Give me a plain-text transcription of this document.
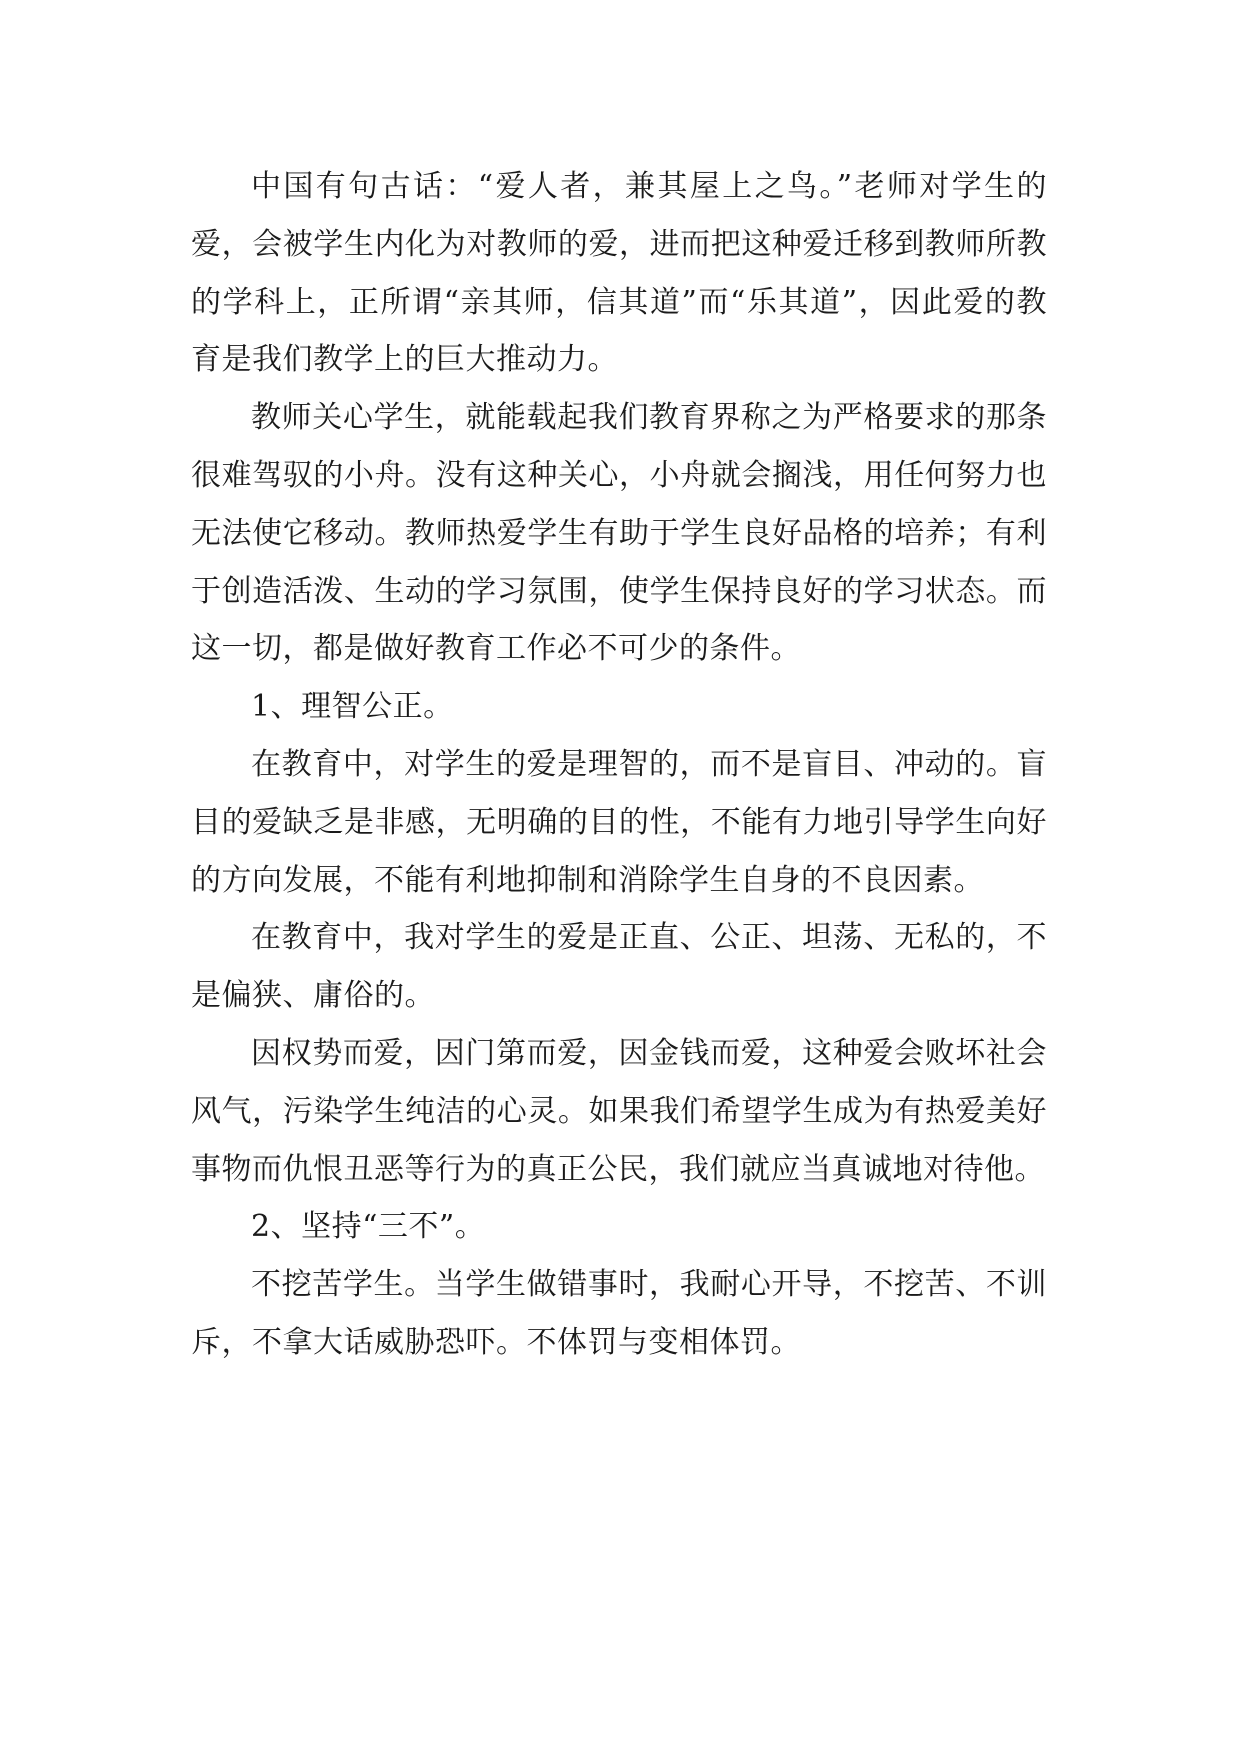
中国有句古话：“爱人者，兼其屋上之鸟。”老师对学生的爱，会被学生内化为对教师的爱，进而把这种爱迁移到教师所教的学科上，正所谓“亲其师，信其道”而“乐其道”，因此爱的教育是我们教学上的巨大推动力。

教师关心学生，就能载起我们教育界称之为严格要求的那条很难驾驭的小舟。没有这种关心，小舟就会搁浅，用任何努力也无法使它移动。教师热爱学生有助于学生良好品格的培养；有利于创造活泼、生动的学习氛围，使学生保持良好的学习状态。而这一切，都是做好教育工作必不可少的条件。

1、理智公正。

在教育中，对学生的爱是理智的，而不是盲目、冲动的。盲目的爱缺乏是非感，无明确的目的性，不能有力地引导学生向好的方向发展，不能有利地抑制和消除学生自身的不良因素。

在教育中，我对学生的爱是正直、公正、坦荡、无私的，不是偏狭、庸俗的。

因权势而爱，因门第而爱，因金钱而爱，这种爱会败坏社会风气，污染学生纯洁的心灵。如果我们希望学生成为有热爱美好事物而仇恨丑恶等行为的真正公民，我们就应当真诚地对待他。

2、坚持“三不”。

不挖苦学生。当学生做错事时，我耐心开导，不挖苦、不训斥，不拿大话威胁恐吓。不体罚与变相体罚。
